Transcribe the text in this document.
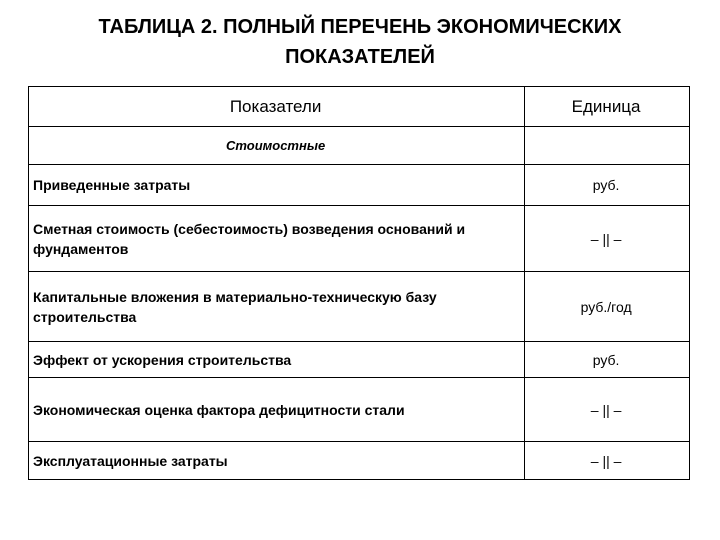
ТАБЛИЦА 2. ПОЛНЫЙ ПЕРЕЧЕНЬ ЭКОНОМИЧЕСКИХ
ПОКАЗАТЕЛЕЙ
Показатели	Единица
Стоимостные	
Приведенные затраты	руб.
Сметная стоимость (себестоимость) возведения оснований и фундаментов	– || –
Капитальные вложения в материально-техническую базу строительства	руб./год
Эффект от ускорения строительства	руб.
Экономическая оценка фактора дефицитности стали	– || –
Эксплуатационные затраты	– || –
